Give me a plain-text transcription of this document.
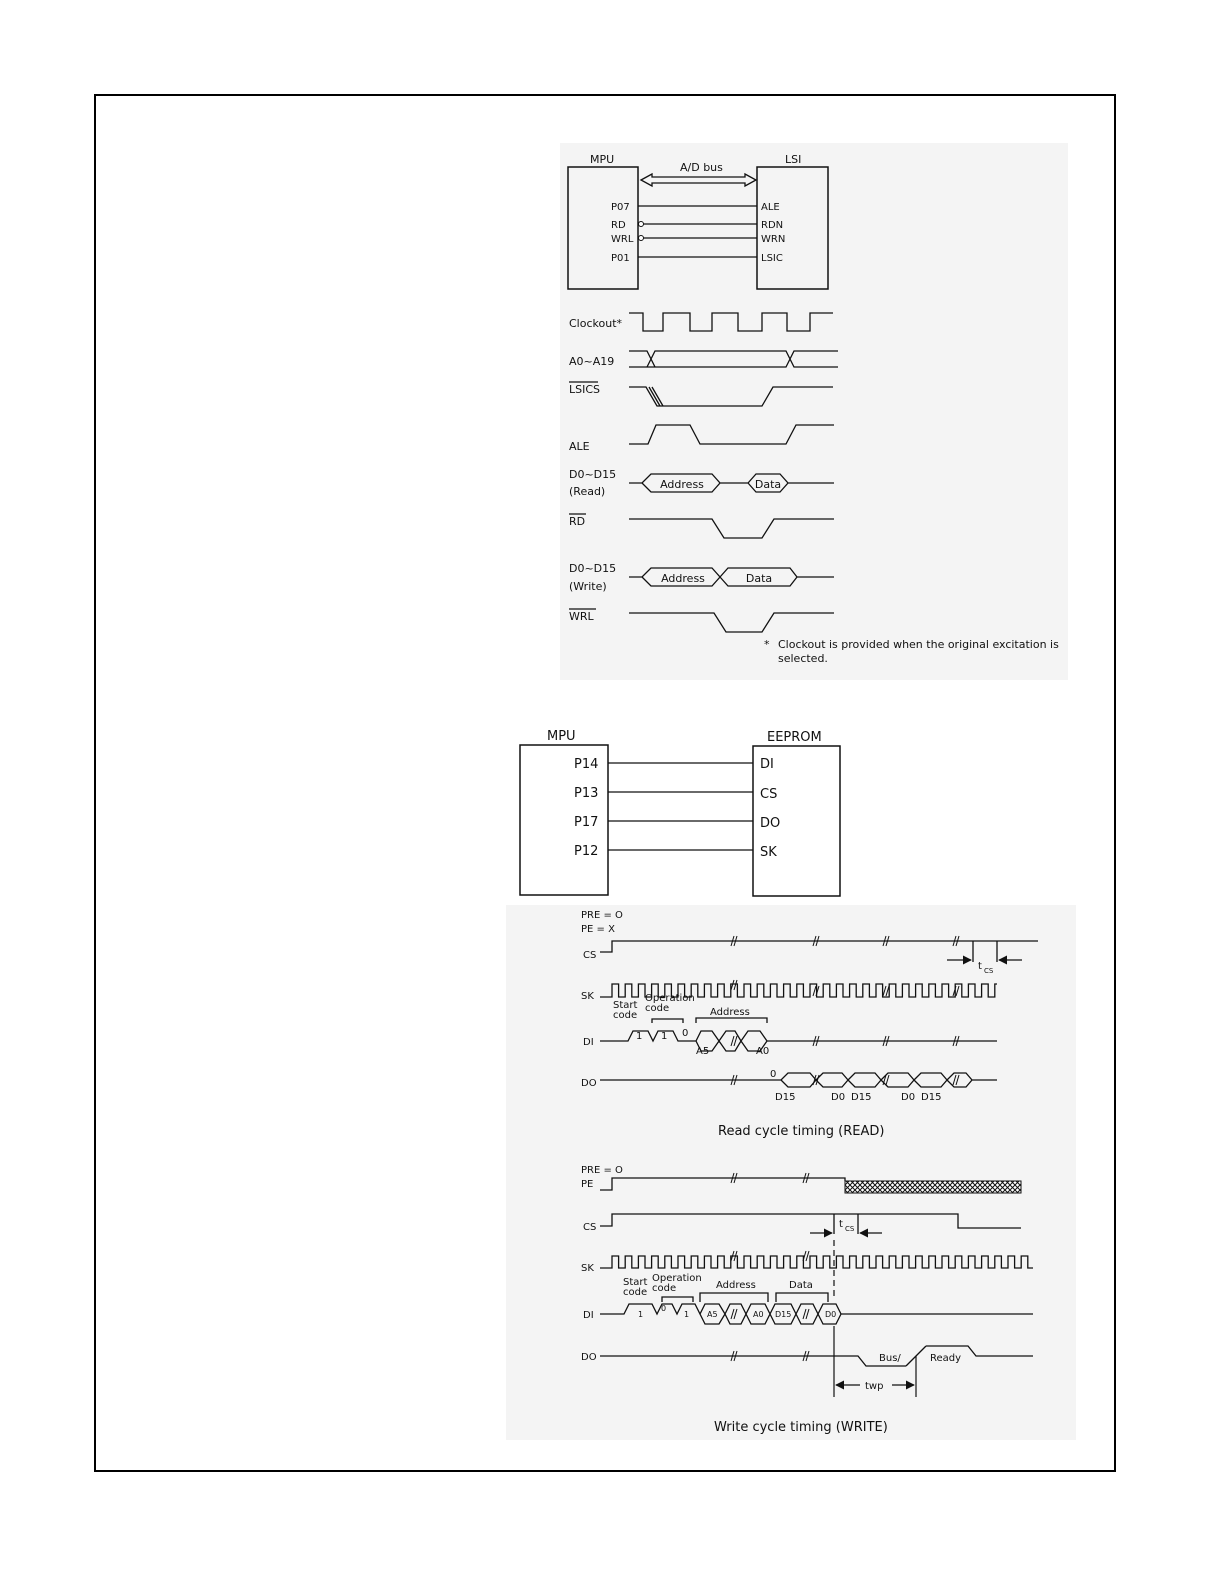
MPU	LSI
A/D bus
P07
RD
WRL
P01
ALE
RDN
WRN
LSIC
Clockout*
A0~A19
LSICS
ALE
D0~D15
(Read)
RD
D0~D15
(Write)
WRL
Address	Data
Address	Data
* Clockout is provided when the original excitation is
selected.
MPU	EEPROM
P14
P13
P17
P12
DI
CS
DO
SK
PRE = O
PE = X
CS
SK
DI
DO
t CS
Start
code
Operation
code	Address
1 1 0
A5	A0
0
D15	D0 D15	D0 D15
Read cycle timing (READ)
PRE = O
PE
CS
SK
DI
DO
t CS
Start
code
Operation
code	Address	Data
1
0
1 A5	A0 D15	D0
Bus/	Ready
twp
Write cycle timing (WRITE)
